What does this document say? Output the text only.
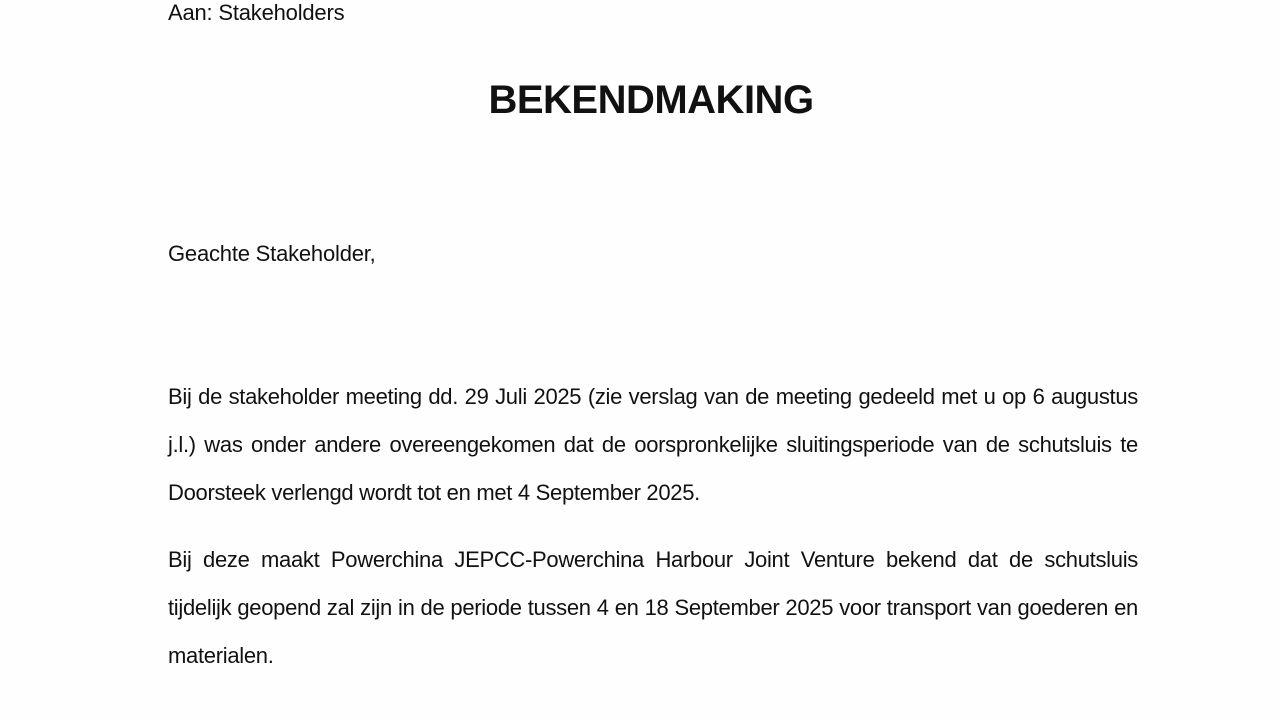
Aan: Stakeholders
BEKENDMAKING
Geachte Stakeholder,

Bij de stakeholder meeting dd. 29 Juli 2025 (zie verslag van de meeting gedeeld met u op 6 augustus j.l.) was onder andere overeengekomen dat de oorspronkelijke sluitingsperiode van de schutsluis te Doorsteek verlengd wordt tot en met 4 September 2025.

Bij deze maakt Powerchina JEPCC-Powerchina Harbour Joint Venture bekend dat de schutsluis tijdelijk geopend zal zijn in de periode tussen 4 en 18 September 2025 voor transport van goederen en materialen.
